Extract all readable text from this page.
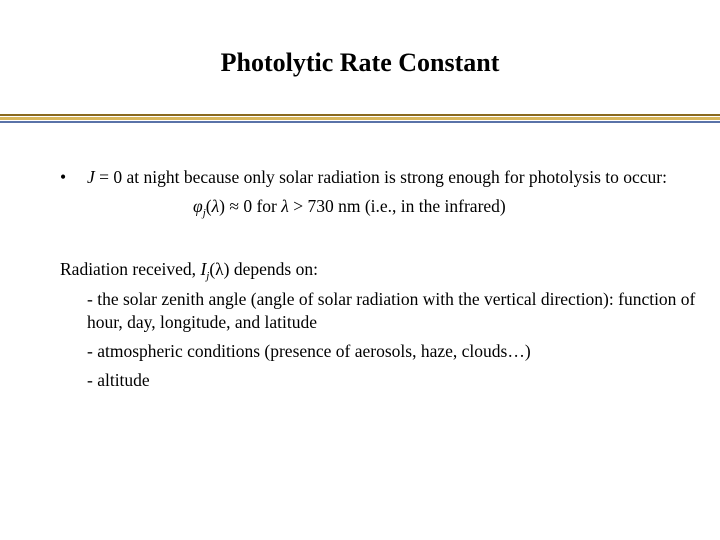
Photolytic Rate Constant
• J = 0 at night because only solar radiation is strong enough for photolysis to occur:
$\varphi_j(\lambda) \approx 0$ for λ > 730 nm (i.e., in the infrared)
Radiation received, $I_j(\lambda)$ depends on:
- the solar zenith angle (angle of solar radiation with the vertical direction): function of hour, day, longitude, and latitude
- atmospheric conditions (presence of aerosols, haze, clouds…)
- altitude
